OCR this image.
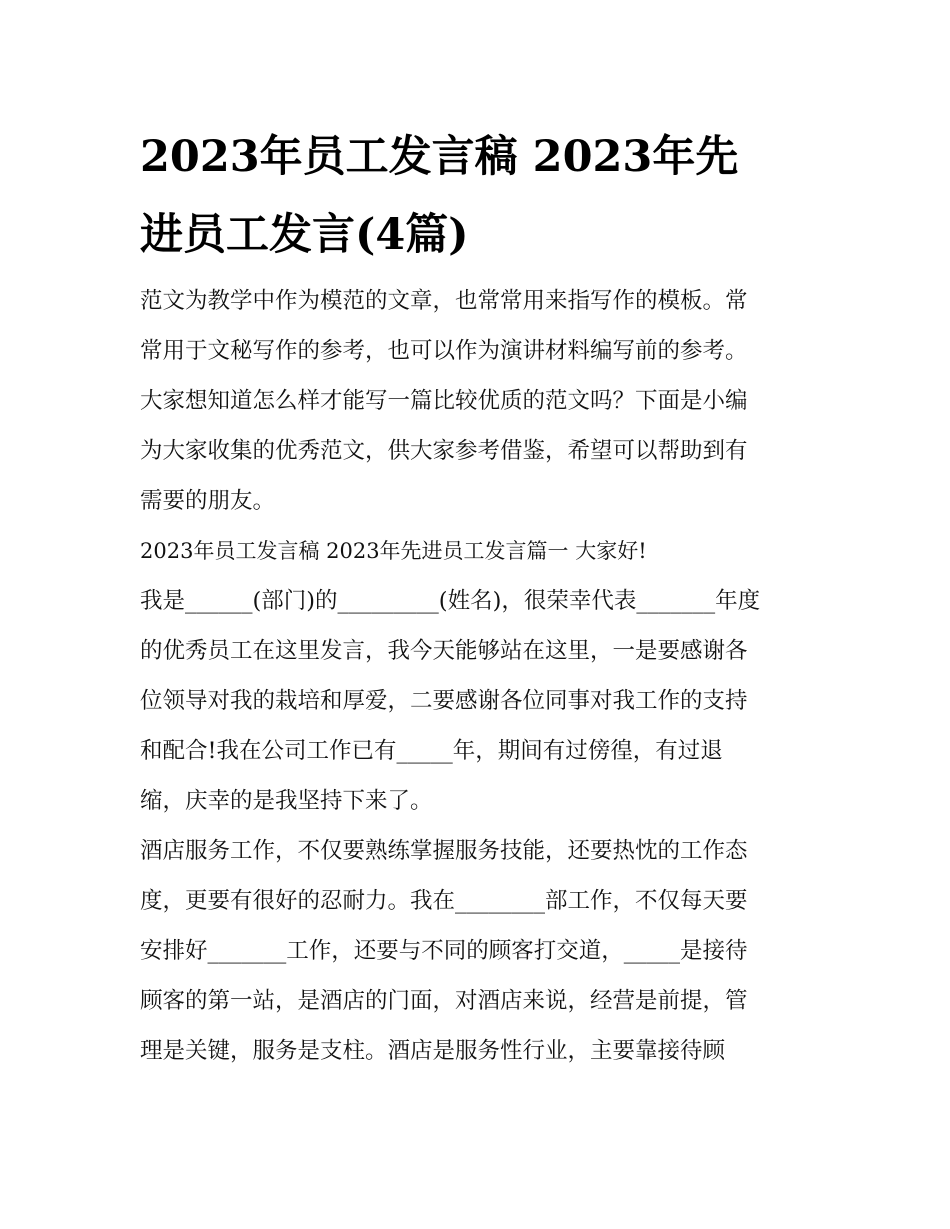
2023年员工发言稿 2023年先
进员工发言(4篇)
范文为教学中作为模范的文章，也常常用来指写作的模板。常
常用于文秘写作的参考，也可以作为演讲材料编写前的参考。
大家想知道怎么样才能写一篇比较优质的范文吗？下面是小编
为大家收集的优秀范文，供大家参考借鉴，希望可以帮助到有
需要的朋友。
2023年员工发言稿 2023年先进员工发言篇一 大家好!
我是______(部门)的_________(姓名)，很荣幸代表_______年度
的优秀员工在这里发言，我今天能够站在这里，一是要感谢各
位领导对我的栽培和厚爱，二要感谢各位同事对我工作的支持
和配合!我在公司工作已有_____年，期间有过傍徨，有过退
缩，庆幸的是我坚持下来了。
酒店服务工作，不仅要熟练掌握服务技能，还要热忱的工作态
度，更要有很好的忍耐力。我在________部工作，不仅每天要
安排好_______工作，还要与不同的顾客打交道，_____是接待
顾客的第一站，是酒店的门面，对酒店来说，经营是前提，管
理是关键，服务是支柱。酒店是服务性行业，主要靠接待顾
